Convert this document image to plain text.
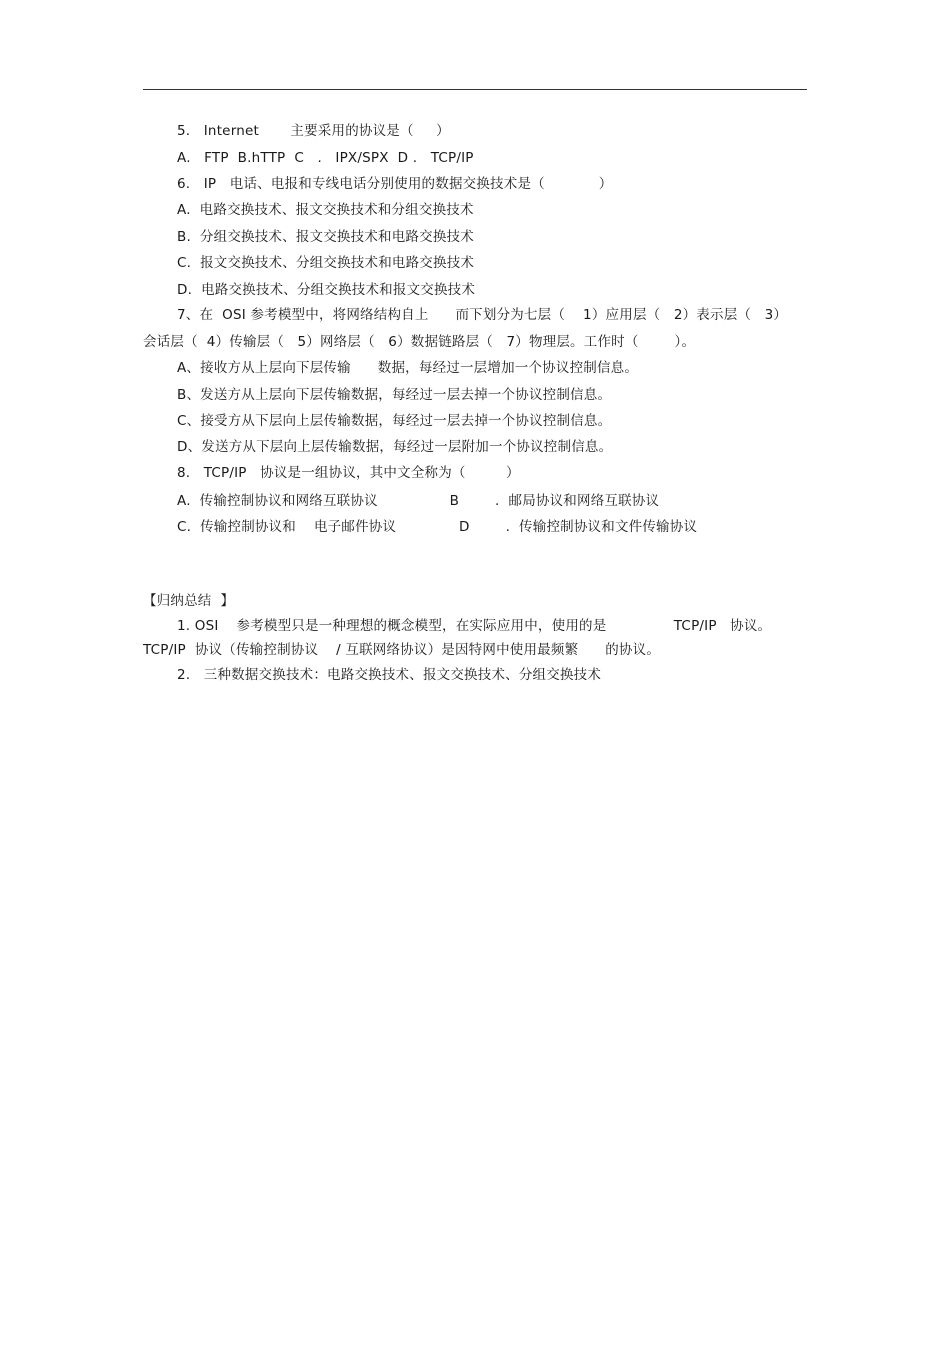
5.   Internet       主要采用的协议是（     ）
A.   FTP  B.hTTP  C   .   IPX/SPX  D .   TCP/IP
6.   IP   电话、电报和专线电话分别使用的数据交换技术是（            ）
A.  电路交换技术、报文交换技术和分组交换技术
B.  分组交换技术、报文交换技术和电路交换技术
C.  报文交换技术、分组交换技术和电路交换技术
D.  电路交换技术、分组交换技术和报文交换技术
7、在  OSI 参考模型中，将网络结构自上      而下划分为七层（    1）应用层（   2）表示层（   3）
会话层（  4）传输层（   5）网络层（   6）数据链路层（   7）物理层。工作时（        ）。
A、接收方从上层向下层传输      数据，每经过一层增加一个协议控制信息。
B、发送方从上层向下层传输数据，每经过一层去掉一个协议控制信息。
C、接受方从下层向上层传输数据，每经过一层去掉一个协议控制信息。
D、发送方从下层向上层传输数据，每经过一层附加一个协议控制信息。
8.   TCP/IP   协议是一组协议，其中文全称为（         ）
A.  传输控制协议和网络互联协议                B        .  邮局协议和网络互联协议
C.  传输控制协议和    电子邮件协议              D        .  传输控制协议和文件传输协议
【归纳总结  】
1. OSI    参考模型只是一种理想的概念模型，在实际应用中，使用的是               TCP/IP   协议。
TCP/IP  协议（传输控制协议    / 互联网络协议）是因特网中使用最频繁      的协议。
2.   三种数据交换技术：电路交换技术、报文交换技术、分组交换技术
